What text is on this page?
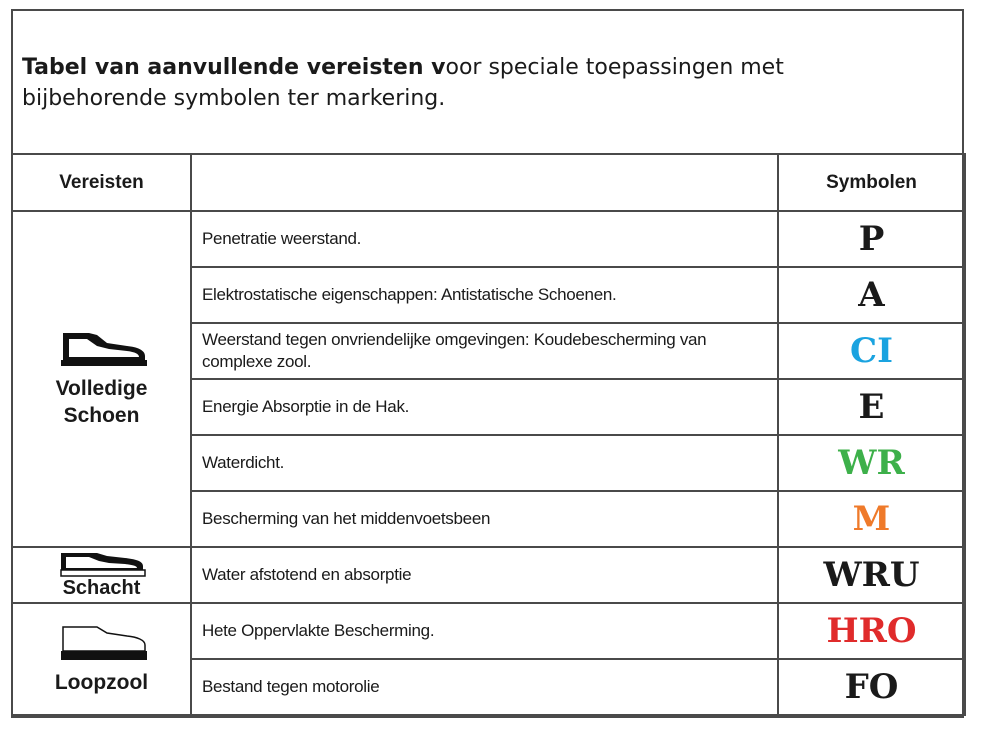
Tabel van aanvullende vereisten voor speciale toepassingen met bijbehorende symbolen ter markering.
Vereisten		Symbolen

Volledige
Schoen	Penetratie weerstand.	P
	Elektrostatische eigenschappen: Antistatische Schoenen.	A
	Weerstand tegen onvriendelijke omgevingen: Koudebescherming van complexe zool.	CI
	Energie Absorptie in de Hak.	E
	Waterdicht.	WR
	Bescherming van het middenvoetsbeen	M

Schacht	Water afstotend en absorptie	WRU

Loopzool	Hete Oppervlakte Bescherming.	HRO
	Bestand tegen motorolie	FO
